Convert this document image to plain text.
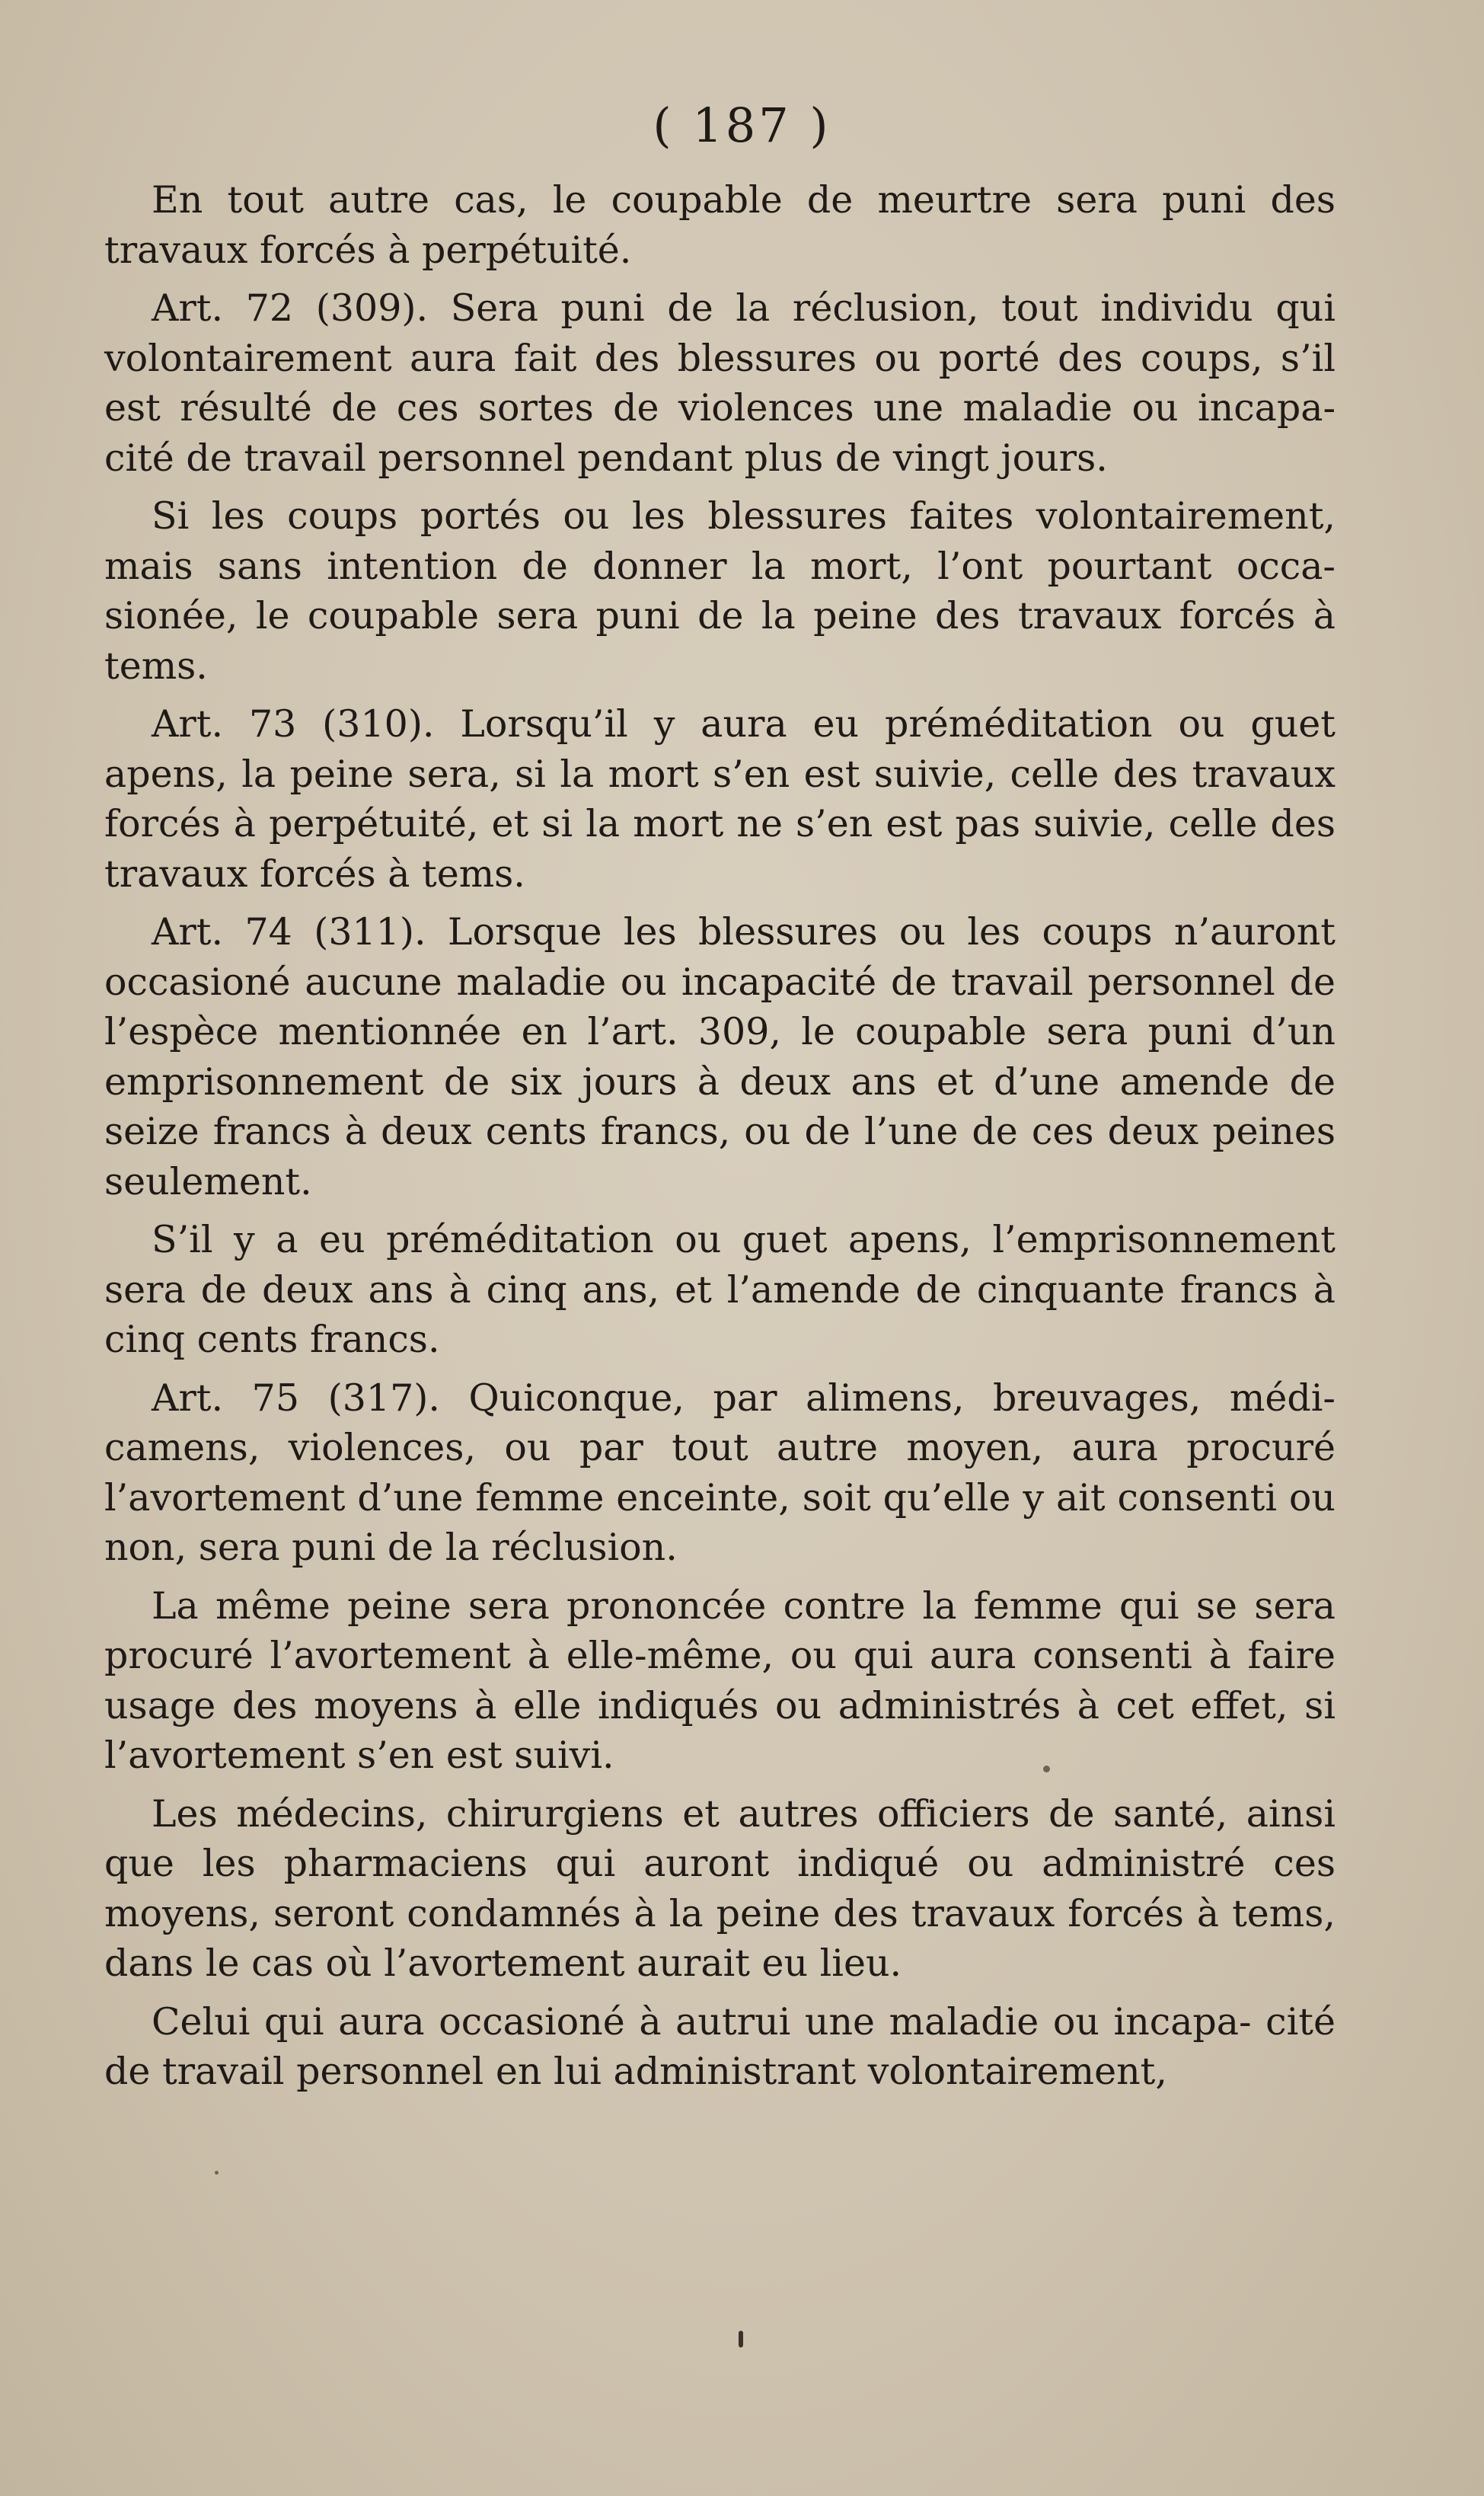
( 187 )

En tout autre cas, le coupable de meurtre sera puni des travaux forcés à perpétuité.

Art. 72 (309). Sera puni de la réclusion, tout individu qui volontairement aura fait des blessures ou porté des coups, s’il est résulté de ces sortes de violences une maladie ou incapa- cité de travail personnel pendant plus de vingt jours.

Si les coups portés ou les blessures faites volontairement, mais sans intention de donner la mort, l’ont pourtant occa- sionée, le coupable sera puni de la peine des travaux forcés à tems.

Art. 73 (310). Lorsqu’il y aura eu préméditation ou guet apens, la peine sera, si la mort s’en est suivie, celle des travaux forcés à perpétuité, et si la mort ne s’en est pas suivie, celle des travaux forcés à tems.

Art. 74 (311). Lorsque les blessures ou les coups n’auront occasioné aucune maladie ou incapacité de travail personnel de l’espèce mentionnée en l’art. 309, le coupable sera puni d’un emprisonnement de six jours à deux ans et d’une amende de seize francs à deux cents francs, ou de l’une de ces deux peines seulement.

S’il y a eu préméditation ou guet apens, l’emprisonnement sera de deux ans à cinq ans, et l’amende de cinquante francs à cinq cents francs.

Art. 75 (317). Quiconque, par alimens, breuvages, médi- camens, violences, ou par tout autre moyen, aura procuré l’avortement d’une femme enceinte, soit qu’elle y ait consenti ou non, sera puni de la réclusion.

La même peine sera prononcée contre la femme qui se sera procuré l’avortement à elle-même, ou qui aura consenti à faire usage des moyens à elle indiqués ou administrés à cet effet, si l’avortement s’en est suivi.

Les médecins, chirurgiens et autres officiers de santé, ainsi que les pharmaciens qui auront indiqué ou administré ces moyens, seront condamnés à la peine des travaux forcés à tems, dans le cas où l’avortement aurait eu lieu.

Celui qui aura occasioné à autrui une maladie ou incapa- cité de travail personnel en lui administrant volontairement,
